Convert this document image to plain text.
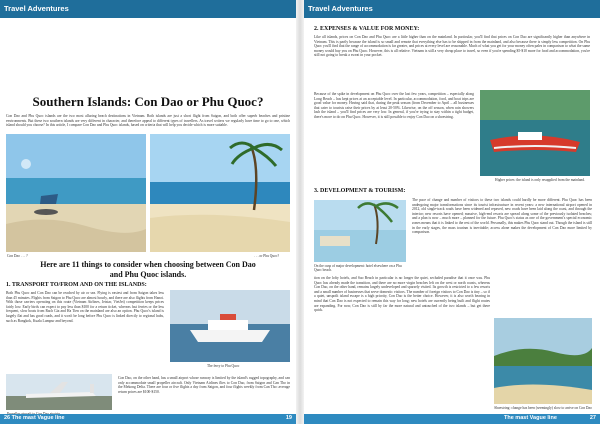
Travel Adventures
Southern Islands: Con Dao or Phu Quoc?

Con Dao and Phu Quoc islands are the two most alluring beach destinations in Vietnam. Both islands are just a short flight from Saigon, and both offer superb beaches and pristine environments. But these two southern islands are very different in character, and therefore appeal to different types of travellers. As travel writers we regularly have time to go to one, which island should you choose? In this article, I compare Con Dao and Phu Quoc islands, based on criteria that will help you decide which is more suitable.

Con Dao . . . ?	. . . or Phu Quoc?
Here are 11 things to consider when choosing between Con Dao and Phu Quoc islands.
1. TRANSPORT TO/FROM AND ON THE ISLANDS:

Both Phu Quoc and Con Dao can be reached by air or sea. Flying is easiest and from Saigon takes less than 45 minutes. Flights from Saigon to Phu Quoc are almost hourly, and there are also flights from Hanoi. With those carriers operating on this route (Vietnam Airlines, Jetstar, VietJet) competition keeps prices fairly low. Early birds can expect to pay less than $100 for a return ticket, whereas fast ferries or the less frequent, slow boats from Rach Gia and Ha Tien on the mainland are also an option. Phu Quoc's island is largely flat and has good roads, and it won't be long before Phu Quoc is linked directly to regional hubs, such as Bangkok, Kuala Lumpur and beyond.

The ferry to Phu Quoc

Con Dao, on the other hand, has a small airport whose runway is limited by the island's rugged topography, and can only accommodate small propeller aircraft. Only Vietnam Airlines flies to Con Dao, from Saigon and Can Tho in the Mekong Delta. There are four or five flights a day from Saigon, and four flights weekly from Can Tho: average return prices are $100-$150.

26 The mast Vague line	19
Travel Adventures
2. EXPENSES & VALUE FOR MONEY:

Like all islands, prices on Con Dao and Phu Quoc are a little higher than on the mainland. In particular, you'll find that prices on Con Dao are significantly higher than anywhere in Vietnam. This is partly because the island is so small and remote that everything else has to be shipped in from the mainland, and also because there is simply less competition. On Phu Quoc you'll find that the range of accommodation is far greater, and prices at every level are reasonable. Much of what you get for your money often pales in comparison to what the same money would buy you on Phu Quoc. However, this is all relative. Vietnam is still a very cheap place to travel, so even if you're spending $5-$10 more for food and accommodation, you're still not going to break a sweat in your pocket.

Because of the spike in development on Phu Quoc over the last few years, competition – especially along Long Beach – has kept prices at an acceptable level. In particular, accommodation, food, and boat trips are good value for money. Having said that, during the peak season (from December to April – all businesses that cater to tourists raise their prices by at least 20-50%. Likewise, on the off season, when rain showers lash the island – you'll find prices are very low. In general, if you're trying to stay within a tight budget, there's more to do on Phu Quoc. However, it is still possible to enjoy Con Dao on a shoestring.

Higher prices: the island is only resupplied from the mainland.
3. DEVELOPMENT & TOURISM:
On the cusp of major development: hotel elsewhere on a Phu Quoc beach.

The pace of change and number of visitors to these two islands could hardly be more different. Phu Quoc has been undergoing major transformations since its tourist infrastructure in recent years: a new international airport opened in 2012, old single-track roads have been widened and repaved, new roads have been laid along the coast, and through the interior; new resorts have opened; massive, high-end resorts are spread along some of the previously isolated beaches; and a plan is now – much more – planned for the future. Phu Quoc's status as one of the government's special economic zones means that it is linked to the rest of the world. Personally, this makes Phu Quoc stand out. Though the island is still in the early stages, the mass tourism is inevitable; access alone makes the development of Con Dao more limited by comparison.

tion on the lofty hotels, and Sao Beach in particular is no longer the quiet, secluded paradise that it once was. Phu Quoc has already made the transition, and there are no more virgin beaches left on the west or north coasts, whereas Con Dao, on the other hand, remains largely undeveloped and sparsely visited. Its growth is restricted to a few resorts and a small number of businesses that serve domestic visitors. The number of foreign visitors to Con Dao is tiny – so if a quiet, unspoilt island escape is a high priority, Con Dao is the better choice. However, it is also worth bearing in mind that Con Dao is not expected to remain this way for long; new hotels are currently being built and flight routes are expanding. For now, Con Dao is still by far the more natural and untouched of the two islands – but get there quick.

Shoestring: change has been (seemingly) slow to arrive on Con Dao
The mast Vague line	27
